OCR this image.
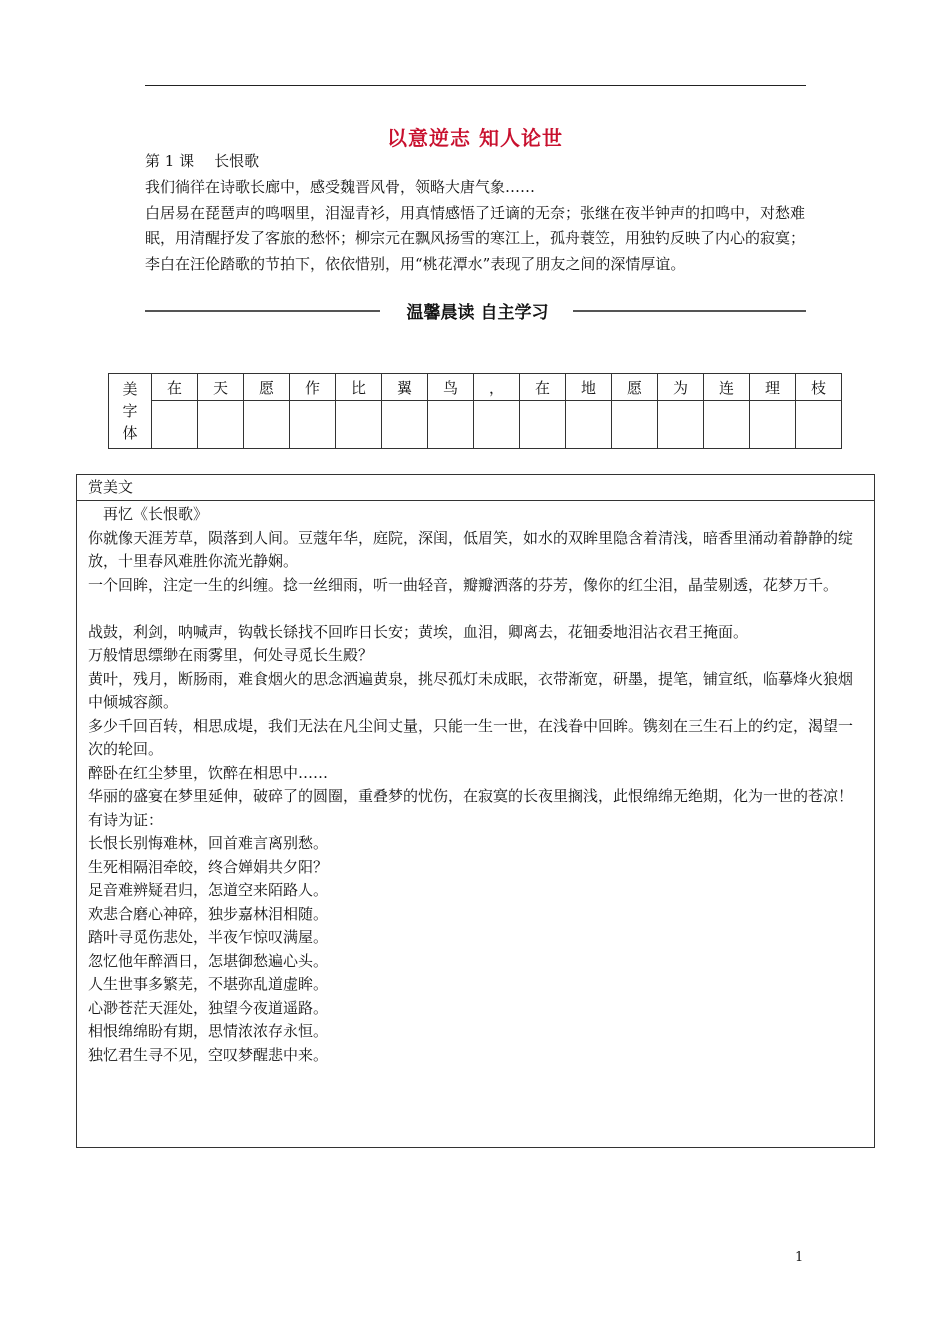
以意逆志 知人论世
第 1 课 长恨歌

我们徜徉在诗歌长廊中，感受魏晋风骨，领略大唐气象……

白居易在琵琶声的鸣咽里，泪湿青衫，用真情感悟了迁谪的无奈；张继在夜半钟声的扣鸣中，对愁难眠，用清醒抒发了客旅的愁怀；柳宗元在飘风扬雪的寒江上，孤舟蓑笠，用独钓反映了内心的寂寞；李白在汪伦踏歌的节拍下，依依惜别，用“桃花潭水”表现了朋友之间的深情厚谊。

温馨晨读 自主学习
美
字
体	在	天	愿	作	比	翼	鸟	，	在	地	愿	为	连	理	枝

赏美文

再忆《长恨歌》

你就像天涯芳草，陨落到人间。豆蔻年华，庭院，深闺，低眉笑，如水的双眸里隐含着清浅，暗香里涌动着静静的绽放，十里春风难胜你流光静娴。

一个回眸，注定一生的纠缠。捻一丝细雨，听一曲轻音，瓣瓣洒落的芬芳，像你的红尘泪，晶莹剔透，花梦万千。

战鼓，利剑，呐喊声，钩戟长铩找不回昨日长安；黄埃，血泪，卿离去，花钿委地泪沾衣君王掩面。

万般情思缥缈在雨雾里，何处寻觅长生殿？

黄叶，残月，断肠雨，难食烟火的思念洒遍黄泉，挑尽孤灯未成眠，衣带渐宽，研墨，提笔，铺宣纸，临摹烽火狼烟中倾城容颜。

多少千回百转，相思成堤，我们无法在凡尘间丈量，只能一生一世，在浅眷中回眸。镌刻在三生石上的约定，渴望一次的轮回。

醉卧在红尘梦里，饮醉在相思中……

华丽的盛宴在梦里延伸，破碎了的圆圈，重叠梦的忧伤，在寂寞的长夜里搁浅，此恨绵绵无绝期，化为一世的苍凉！

有诗为证：

长恨长别悔难林，回首难言离别愁。

生死相隔泪牵皎，终合婵娟共夕阳？

足音难辨疑君归，怎道空来陌路人。

欢悲合磨心神碎，独步嘉林泪相随。

踏叶寻觅伤悲处，半夜乍惊叹满屋。

忽忆他年醉酒日，怎堪御愁遍心头。

人生世事多繁芜，不堪弥乱道虚眸。

心渺苍茫天涯处，独望今夜道遥路。

相恨绵绵盼有期，思情浓浓存永恒。

独忆君生寻不见，空叹梦醒悲中来。

1
